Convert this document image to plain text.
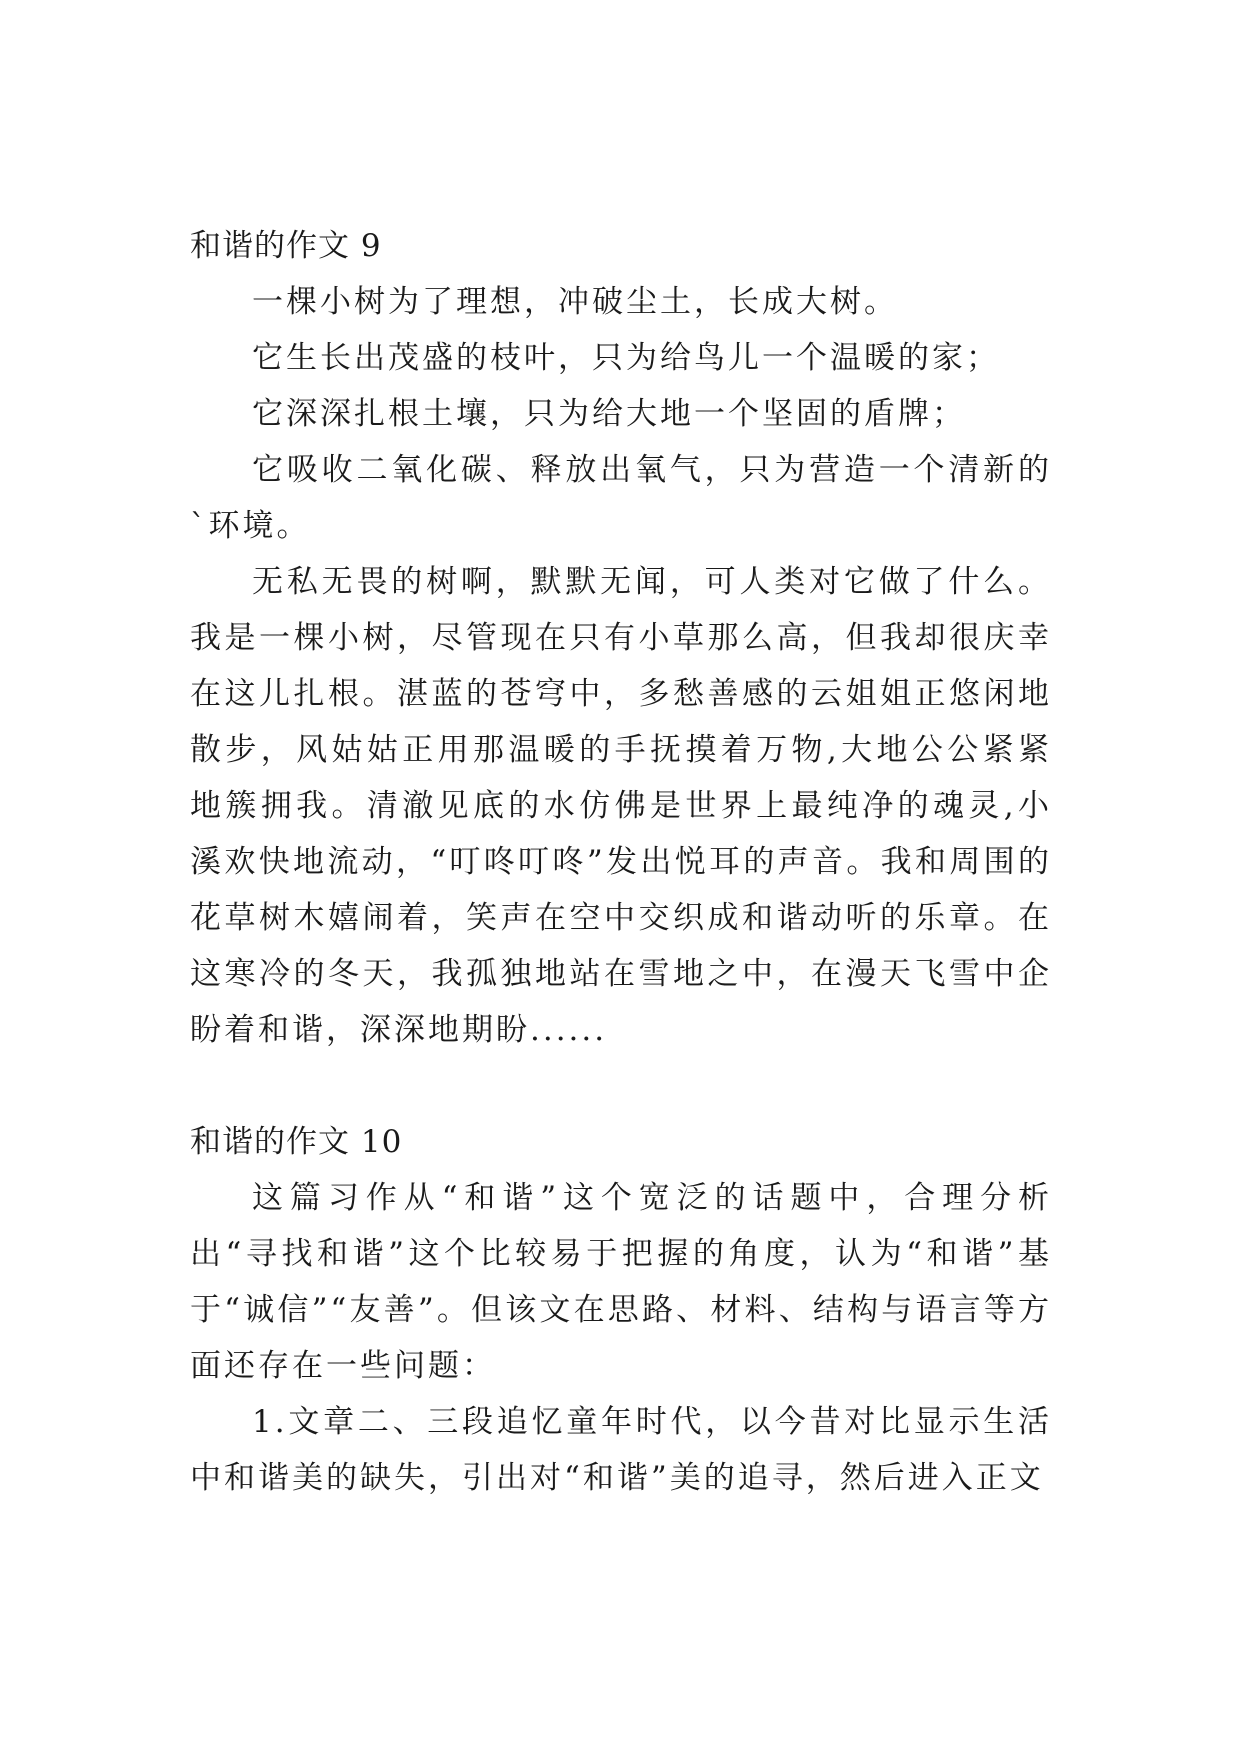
和谐的作文 9

一棵小树为了理想，冲破尘土，长成大树。

它生长出茂盛的枝叶，只为给鸟儿一个温暖的家；

它深深扎根土壤，只为给大地一个坚固的盾牌；

它吸收二氧化碳、释放出氧气，只为营造一个清新的`环境。

无私无畏的树啊，默默无闻，可人类对它做了什么。我是一棵小树，尽管现在只有小草那么高，但我却很庆幸在这儿扎根。湛蓝的苍穹中，多愁善感的云姐姐正悠闲地散步，风姑姑正用那温暖的手抚摸着万物,大地公公紧紧地簇拥我。清澈见底的水仿佛是世界上最纯净的魂灵,小溪欢快地流动，“叮咚叮咚”发出悦耳的声音。我和周围的花草树木嬉闹着，笑声在空中交织成和谐动听的乐章。在这寒冷的冬天，我孤独地站在雪地之中，在漫天飞雪中企盼着和谐，深深地期盼......

和谐的作文 10

这篇习作从“和谐”这个宽泛的话题中，合理分析出“寻找和谐”这个比较易于把握的角度，认为“和谐”基于“诚信”“友善”。但该文在思路、材料、结构与语言等方面还存在一些问题：

1.文章二、三段追忆童年时代，以今昔对比显示生活中和谐美的缺失，引出对“和谐”美的追寻，然后进入正文
